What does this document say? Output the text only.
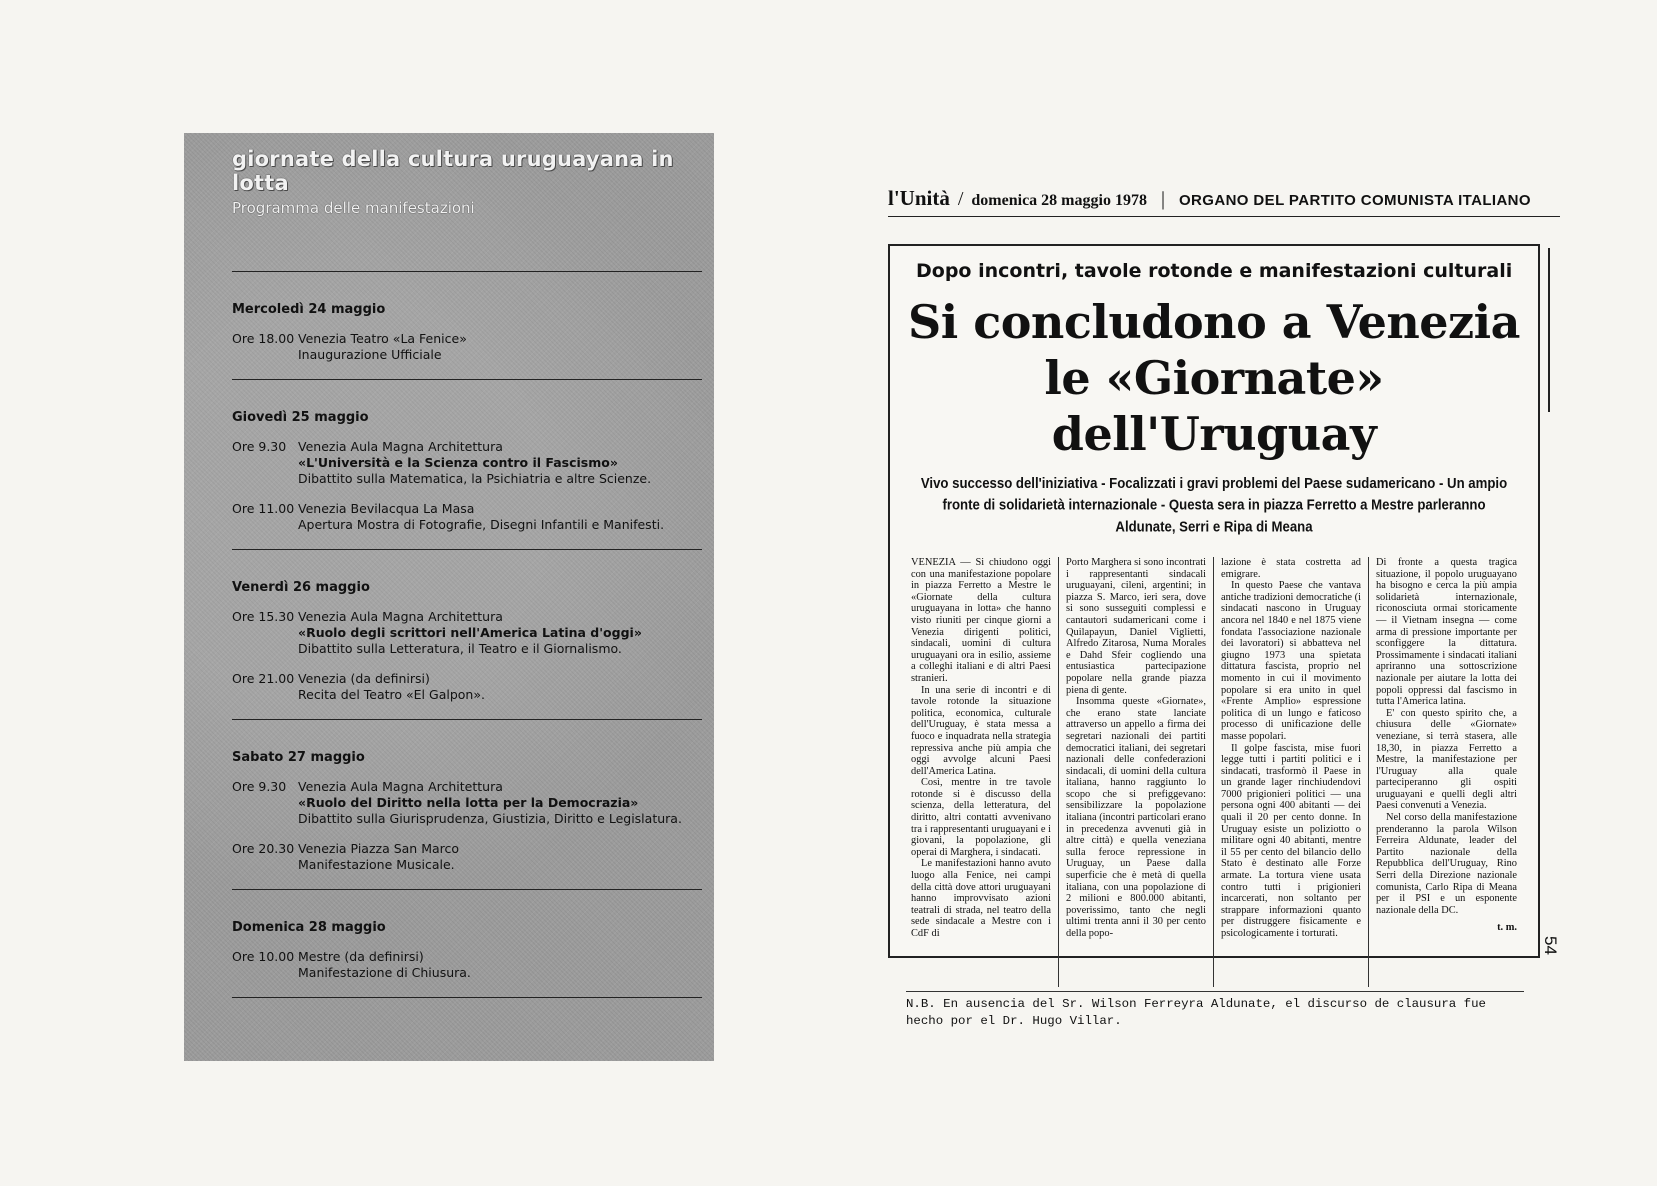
giornate della cultura uruguayana in lotta
Programma delle manifestazioni
Mercoledì 24 maggio
Ore 18.00 Venezia Teatro «La Fenice»
Inaugurazione Ufficiale
Giovedì 25 maggio
Ore 9.30 Venezia Aula Magna Architettura
«L'Università e la Scienza contro il Fascismo»
Dibattito sulla Matematica, la Psichiatria e altre Scienze.
Ore 11.00 Venezia Bevilacqua La Masa
Apertura Mostra di Fotografie, Disegni Infantili e Manifesti.
Venerdì 26 maggio
Ore 15.30 Venezia Aula Magna Architettura
«Ruolo degli scrittori nell'America Latina d'oggi»
Dibattito sulla Letteratura, il Teatro e il Giornalismo.
Ore 21.00 Venezia (da definirsi)
Recita del Teatro «El Galpon».
Sabato 27 maggio
Ore 9.30 Venezia Aula Magna Architettura
«Ruolo del Diritto nella lotta per la Democrazia»
Dibattito sulla Giurisprudenza, Giustizia, Diritto e Legislatura.
Ore 20.30 Venezia Piazza San Marco
Manifestazione Musicale.
Domenica 28 maggio
Ore 10.00 Mestre (da definirsi)
Manifestazione di Chiusura.
l'Unità / domenica 28 maggio 1978 | ORGANO DEL PARTITO COMUNISTA ITALIANO
Dopo incontri, tavole rotonde e manifestazioni culturali
Si concludono a Venezia
le «Giornate» dell'Uruguay
Vivo successo dell'iniziativa - Focalizzati i gravi problemi del Paese sudamericano - Un ampio fronte di solidarietà internazionale - Questa sera in piazza Ferretto a Mestre parleranno Aldunate, Serri e Ripa di Meana

VENEZIA — Si chiudono oggi con una manifestazione popolare in piazza Ferretto a Mestre le «Giornate della cultura uruguayana in lotta» che hanno visto riuniti per cinque giorni a Venezia dirigenti politici, sindacali, uomini di cultura uruguayani ora in esilio, assieme a colleghi italiani e di altri Paesi stranieri.

In una serie di incontri e di tavole rotonde la situazione politica, economica, culturale dell'Uruguay, è stata messa a fuoco e inquadrata nella strategia repressiva anche più ampia che oggi avvolge alcuni Paesi dell'America Latina.

Così, mentre in tre tavole rotonde si è discusso della scienza, della letteratura, del diritto, altri contatti avvenivano tra i rappresentanti uruguayani e i giovani, la popolazione, gli operai di Marghera, i sindacati.

Le manifestazioni hanno avuto luogo alla Fenice, nei campi della città dove attori uruguayani hanno improvvisato azioni teatrali di strada, nel teatro della sede sindacale a Mestre con i CdF di

Porto Marghera si sono incontrati i rappresentanti sindacali uruguayani, cileni, argentini; in piazza S. Marco, ieri sera, dove si sono susseguiti complessi e cantautori sudamericani come i Quilapayun, Daniel Viglietti, Alfredo Zitarosa, Numa Morales e Dahd Sfeir cogliendo una entusiastica partecipazione popolare nella grande piazza piena di gente.

Insomma queste «Giornate», che erano state lanciate attraverso un appello a firma dei segretari nazionali dei partiti democratici italiani, dei segretari nazionali delle confederazioni sindacali, di uomini della cultura italiana, hanno raggiunto lo scopo che si prefiggevano: sensibilizzare la popolazione italiana (incontri particolari erano in precedenza avvenuti già in altre città) e quella veneziana sulla feroce repressione in Uruguay, un Paese dalla superficie che è metà di quella italiana, con una popolazione di 2 milioni e 800.000 abitanti, poverissimo, tanto che negli ultimi trenta anni il 30 per cento della popo-

lazione è stata costretta ad emigrare.

In questo Paese che vantava antiche tradizioni democratiche (i sindacati nascono in Uruguay ancora nel 1840 e nel 1875 viene fondata l'associazione nazionale dei lavoratori) si abbatteva nel giugno 1973 una spietata dittatura fascista, proprio nel momento in cui il movimento popolare si era unito in quel «Frente Amplio» espressione politica di un lungo e faticoso processo di unificazione delle masse popolari.

Il golpe fascista, mise fuori legge tutti i partiti politici e i sindacati, trasformò il Paese in un grande lager rinchiudendovi 7000 prigionieri politici — una persona ogni 400 abitanti — dei quali il 20 per cento donne. In Uruguay esiste un poliziotto o militare ogni 40 abitanti, mentre il 55 per cento del bilancio dello Stato è destinato alle Forze armate. La tortura viene usata contro tutti i prigionieri incarcerati, non soltanto per strappare informazioni quanto per distruggere fisicamente e psicologicamente i torturati.

Di fronte a questa tragica situazione, il popolo uruguayano ha bisogno e cerca la più ampia solidarietà internazionale, riconosciuta ormai storicamente — il Vietnam insegna — come arma di pressione importante per sconfiggere la dittatura. Prossimamente i sindacati italiani apriranno una sottoscrizione nazionale per aiutare la lotta dei popoli oppressi dal fascismo in tutta l'America latina.

E' con questo spirito che, a chiusura delle «Giornate» veneziane, si terrà stasera, alle 18,30, in piazza Ferretto a Mestre, la manifestazione per l'Uruguay alla quale parteciperanno gli ospiti uruguayani e quelli degli altri Paesi convenuti a Venezia.

Nel corso della manifestazione prenderanno la parola Wilson Ferreira Aldunate, leader del Partito nazionale della Repubblica dell'Uruguay, Rino Serri della Direzione nazionale comunista, Carlo Ripa di Meana per il PSI e un esponente nazionale della DC.

t. m.
N.B. En ausencia del Sr. Wilson Ferreyra Aldunate, el discurso de clausura fue hecho por el Dr. Hugo Villar.
54
